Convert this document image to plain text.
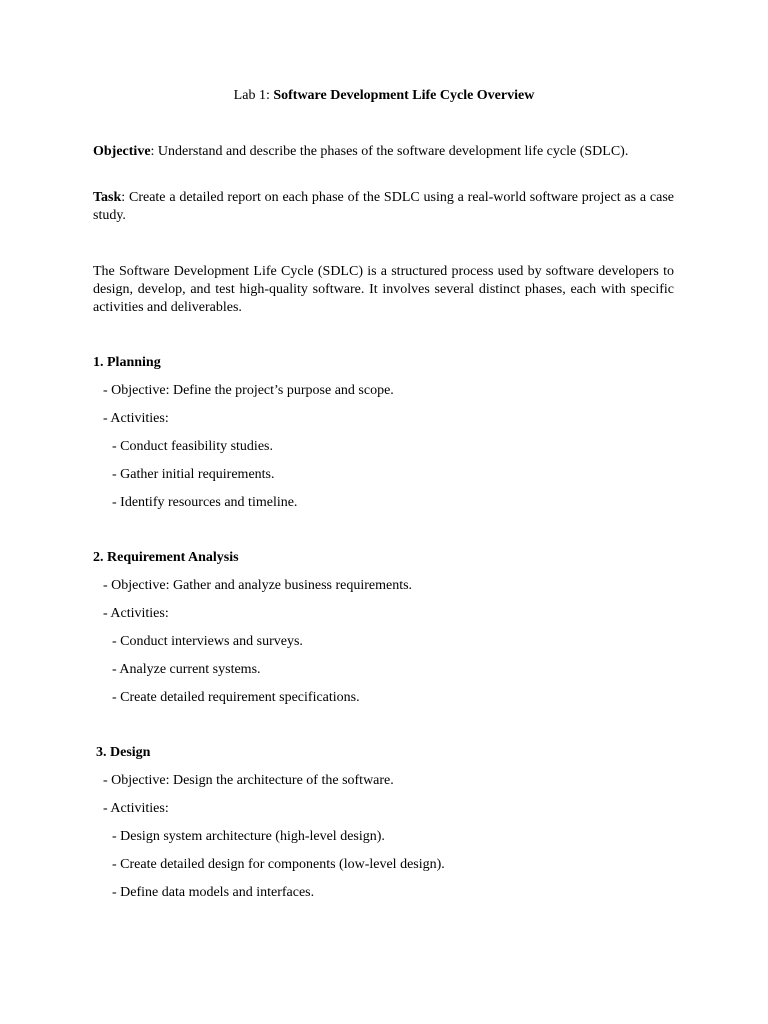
Lab 1: Software Development Life Cycle Overview
Objective: Understand and describe the phases of the software development life cycle (SDLC).
Task: Create a detailed report on each phase of the SDLC using a real-world software project as a case study.
The Software Development Life Cycle (SDLC) is a structured process used by software developers to design, develop, and test high-quality software. It involves several distinct phases, each with specific activities and deliverables.
1. Planning
- Objective: Define the project’s purpose and scope.
- Activities:
- Conduct feasibility studies.
- Gather initial requirements.
- Identify resources and timeline.
2. Requirement Analysis
- Objective: Gather and analyze business requirements.
- Activities:
- Conduct interviews and surveys.
- Analyze current systems.
- Create detailed requirement specifications.
3. Design
- Objective: Design the architecture of the software.
- Activities:
- Design system architecture (high-level design).
- Create detailed design for components (low-level design).
- Define data models and interfaces.
